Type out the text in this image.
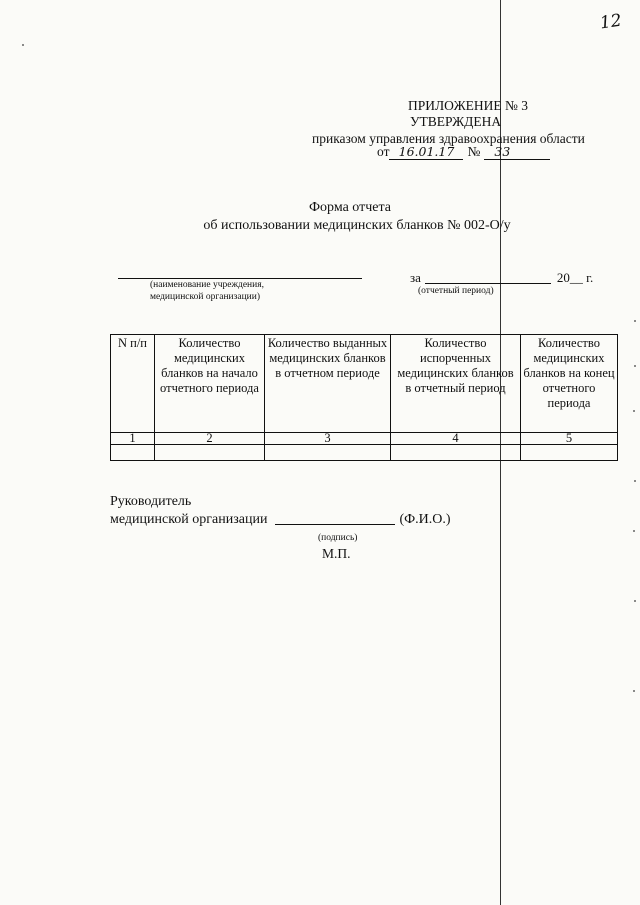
12
ПРИЛОЖЕНИЕ № 3
УТВЕРЖДЕНА
приказом управления здравоохранения области
от 16.01.17 №	33
Форма отчета
об использовании медицинских бланков № 002-О/у
(наименование учреждения,
медицинской организации)
за	20__ г.
(отчетный период)
N п/п	Количество медицинских бланков на начало отчетного периода	Количество выданных медицинских бланков в отчетном периоде	Количество испорченных медицинских бланков в отчетный период	Количество медицинских бланков на конец отчетного периода
1	2	3	4	5

Руководитель
медицинской организации	(Ф.И.О.)
(подпись)
М.П.
